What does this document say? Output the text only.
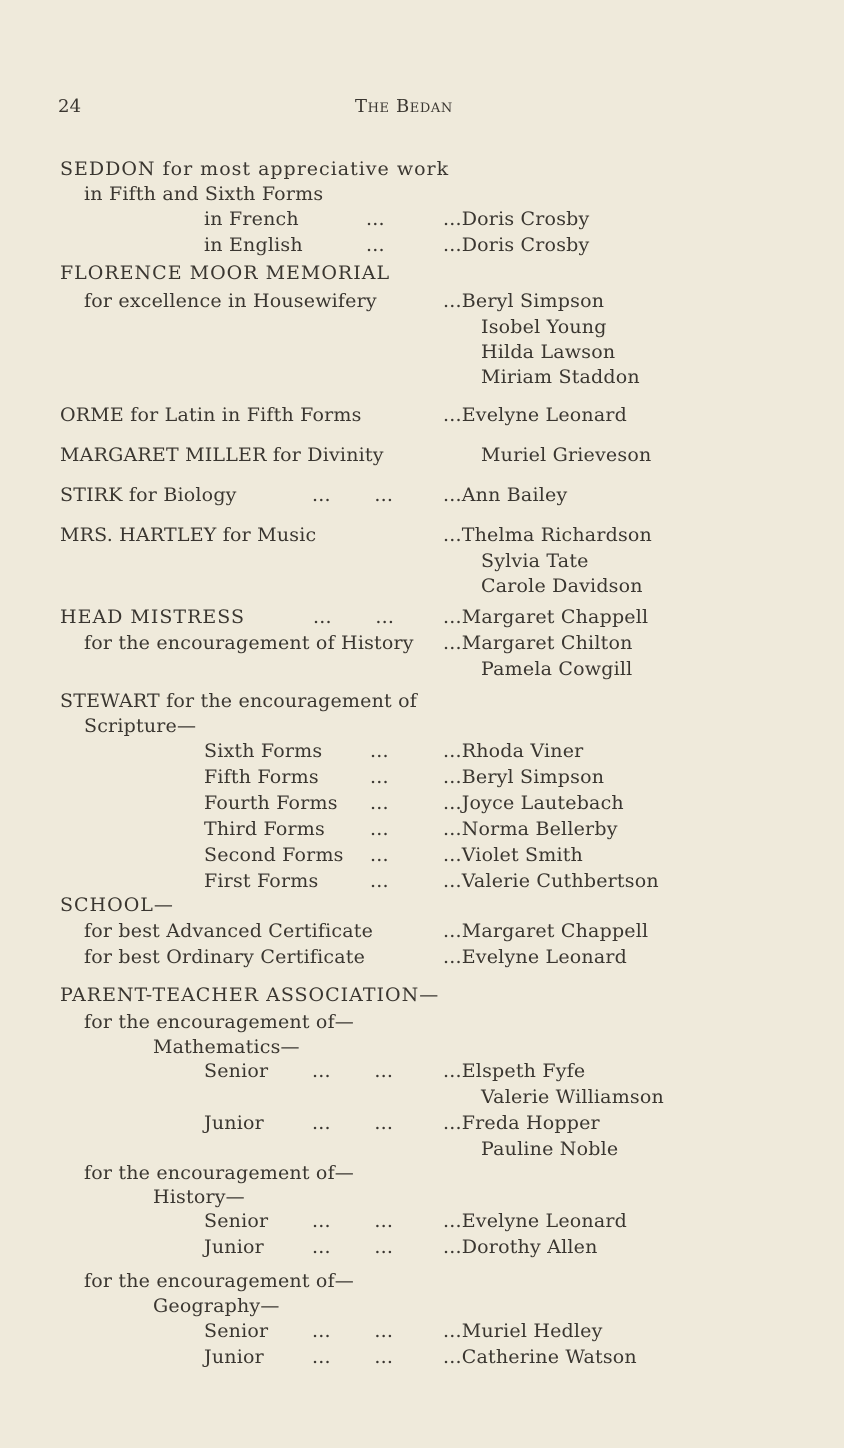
24	The Bedan
SEDDON for most appreciative work
in Fifth and Sixth Forms
in French	...	...Doris Crosby
in English	...	...Doris Crosby
FLORENCE MOOR MEMORIAL
for excellence in Housewifery	...Beryl Simpson
Isobel Young
Hilda Lawson
Miriam Staddon
ORME for Latin in Fifth Forms	...Evelyne Leonard
MARGARET MILLER for Divinity	Muriel Grieveson
STIRK for Biology	...       ...	...Ann Bailey
MRS. HARTLEY for Music	...Thelma Richardson
Sylvia Tate
Carole Davidson
HEAD MISTRESS	...       ...	...Margaret Chappell
for the encouragement of History ...Margaret Chilton
Pamela Cowgill
STEWART for the encouragement of
Scripture—
Sixth Forms	...	...Rhoda Viner
Fifth Forms	...	...Beryl Simpson
Fourth Forms ...	...Joyce Lautebach
Third Forms ...	...Norma Bellerby
Second Forms ...	...Violet Smith
First Forms	...	...Valerie Cuthbertson
SCHOOL—
for best Advanced Certificate	...Margaret Chappell
for best Ordinary Certificate	...Evelyne Leonard
PARENT-TEACHER ASSOCIATION—
for the encouragement of—
Mathematics—
Senior ...       ...	...Elspeth Fyfe
Valerie Williamson
Junior	...       ...	...Freda Hopper
Pauline Noble
for the encouragement of—
History—
Senior ...       ...	...Evelyne Leonard
Junior	...       ...	...Dorothy Allen
for the encouragement of—
Geography—
Senior ...       ...	...Muriel Hedley
Junior	...       ...	...Catherine Watson
